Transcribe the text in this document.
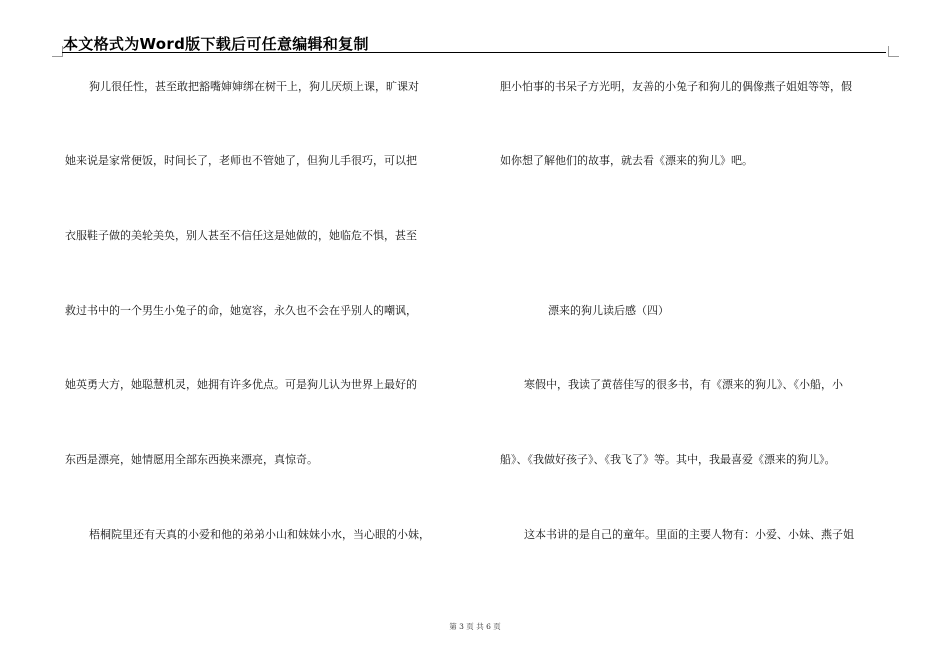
本文格式为Word版下载后可任意编辑和复制
狗儿很任性，甚至敢把豁嘴婶婶绑在树干上，狗儿厌烦上课，旷课对
她来说是家常便饭，时间长了，老师也不管她了，但狗儿手很巧，可以把
衣服鞋子做的美轮美奂，别人甚至不信任这是她做的，她临危不惧，甚至
救过书中的一个男生小兔子的命，她宽容，永久也不会在乎别人的嘲讽，
她英勇大方，她聪慧机灵，她拥有许多优点。可是狗儿认为世界上最好的
东西是漂亮，她情愿用全部东西换来漂亮，真惊奇。
梧桐院里还有天真的小爱和他的弟弟小山和妹妹小水，当心眼的小妹，
胆小怕事的书呆子方光明，友善的小兔子和狗儿的偶像燕子姐姐等等，假
如你想了解他们的故事，就去看《漂来的狗儿》吧。
漂来的狗儿读后感（四）
寒假中，我读了黄蓓佳写的很多书，有《漂来的狗儿》、《小船，小
船》、《我做好孩子》、《我飞了》等。其中，我最喜爱《漂来的狗儿》。
这本书讲的是自己的童年。里面的主要人物有：小爱、小妹、燕子姐
第 3 页 共 6 页
